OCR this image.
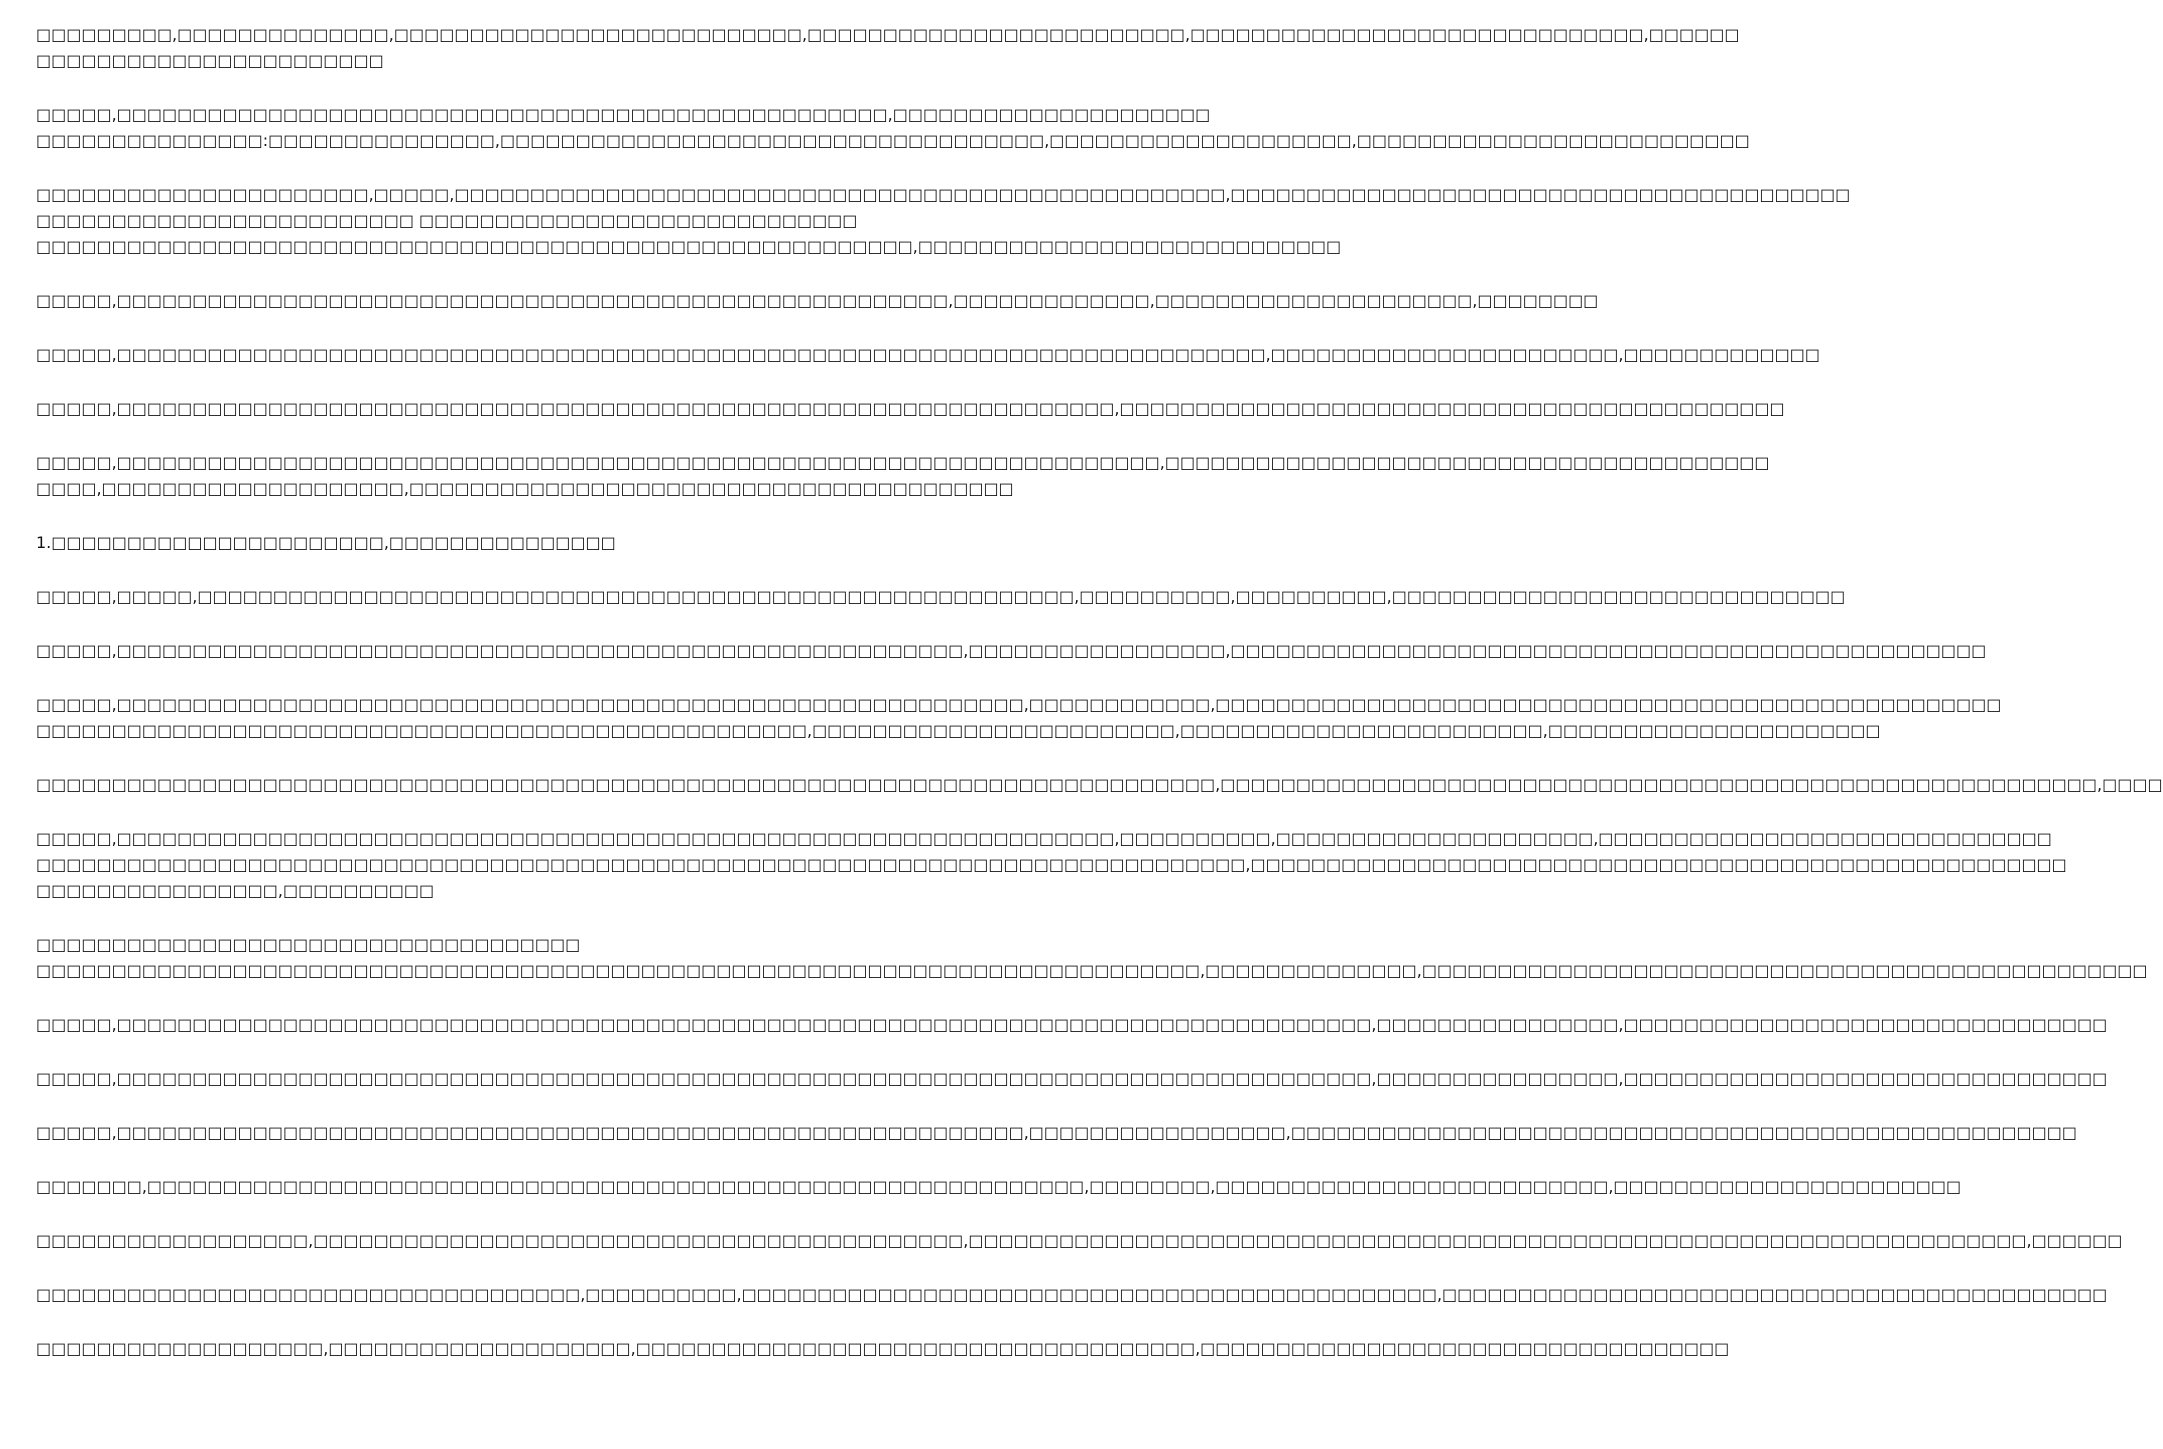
□□□□□□□□□,□□□□□□□□□□□□□□,□□□□□□□□□□□□□□□□□□□□□□□□□□□,□□□□□□□□□□□□□□□□□□□□□□□□□,□□□□□□□□□□□□□□□□□□□□□□□□□□□□□□,□□□□□□
□□□□□□□□□□□□□□□□□□□□□□□

□□□□□,□□□□□□□□□□□□□□□□□□□□□□□□□□□□□□□□□□□□□□□□□□□□□□□□□□□,□□□□□□□□□□□□□□□□□□□□□
□□□□□□□□□□□□□□□:□□□□□□□□□□□□□□□,□□□□□□□□□□□□□□□□□□□□□□□□□□□□□□□□□□□□,□□□□□□□□□□□□□□□□□□□□,□□□□□□□□□□□□□□□□□□□□□□□□□□

□□□□□□□□□□□□□□□□□□□□□□,□□□□□,□□□□□□□□□□□□□□□□□□□□□□□□□□□□□□□□□□□□□□□□□□□□□□□□□□□,□□□□□□□□□□□□□□□□□□□□□□□□□□□□□□□□□□□□□□□□□
□□□□□□□□□□□□□□□□□□□□□□□□□ □□□□□□□□□□□□□□□□□□□□□□□□□□□□□
□□□□□□□□□□□□□□□□□□□□□□□□□□□□□□□□□□□□□□□□□□□□□□□□□□□□□□□□□□,□□□□□□□□□□□□□□□□□□□□□□□□□□□□

□□□□□,□□□□□□□□□□□□□□□□□□□□□□□□□□□□□□□□□□□□□□□□□□□□□□□□□□□□□□□,□□□□□□□□□□□□□,□□□□□□□□□□□□□□□□□□□□□,□□□□□□□□

□□□□□,□□□□□□□□□□□□□□□□□□□□□□□□□□□□□□□□□□□□□□□□□□□□□□□□□□□□□□□□□□□□□□□□□□□□□□□□□□□□,□□□□□□□□□□□□□□□□□□□□□□□,□□□□□□□□□□□□□

□□□□□,□□□□□□□□□□□□□□□□□□□□□□□□□□□□□□□□□□□□□□□□□□□□□□□□□□□□□□□□□□□□□□□□□□,□□□□□□□□□□□□□□□□□□□□□□□□□□□□□□□□□□□□□□□□□□□□

□□□□□,□□□□□□□□□□□□□□□□□□□□□□□□□□□□□□□□□□□□□□□□□□□□□□□□□□□□□□□□□□□□□□□□□□□□□,□□□□□□□□□□□□□□□□□□□□□□□□□□□□□□□□□□□□□□□□
□□□□,□□□□□□□□□□□□□□□□□□□□,□□□□□□□□□□□□□□□□□□□□□□□□□□□□□□□□□□□□□□□□

1.□□□□□□□□□□□□□□□□□□□□□□,□□□□□□□□□□□□□□□

□□□□□,□□□□□,□□□□□□□□□□□□□□□□□□□□□□□□□□□□□□□□□□□□□□□□□□□□□□□□□□□□□□□□□□,□□□□□□□□□□,□□□□□□□□□□,□□□□□□□□□□□□□□□□□□□□□□□□□□□□□□

□□□□□,□□□□□□□□□□□□□□□□□□□□□□□□□□□□□□□□□□□□□□□□□□□□□□□□□□□□□□□□,□□□□□□□□□□□□□□□□□,□□□□□□□□□□□□□□□□□□□□□□□□□□□□□□□□□□□□□□□□□□□□□□□□□□

□□□□□,□□□□□□□□□□□□□□□□□□□□□□□□□□□□□□□□□□□□□□□□□□□□□□□□□□□□□□□□□□□□,□□□□□□□□□□□□,□□□□□□□□□□□□□□□□□□□□□□□□□□□□□□□□□□□□□□□□□□□□□□□□□□□□
□□□□□□□□□□□□□□□□□□□□□□□□□□□□□□□□□□□□□□□□□□□□□□□□□□□,□□□□□□□□□□□□□□□□□□□□□□□□,□□□□□□□□□□□□□□□□□□□□□□□□,□□□□□□□□□□□□□□□□□□□□□□

□□□□□□□□□□□□□□□□□□□□□□□□□□□□□□□□□□□□□□□□□□□□□□□□□□□□□□□□□□□□□□□□□□□□□□□□□□□□□□,□□□□□□□□□□□□□□□□□□□□□□□□□□□□□□□□□□□□□□□□□□□□□□□□□□□□□□□□□□,□□□□

□□□□□,□□□□□□□□□□□□□□□□□□□□□□□□□□□□□□□□□□□□□□□□□□□□□□□□□□□□□□□□□□□□□□□□□□,□□□□□□□□□□,□□□□□□□□□□□□□□□□□□□□□,□□□□□□□□□□□□□□□□□□□□□□□□□□□□□□
□□□□□□□□□□□□□□□□□□□□□□□□□□□□□□□□□□□□□□□□□□□□□□□□□□□□□□□□□□□□□□□□□□□□□□□□□□□□□□□□,□□□□□□□□□□□□□□□□□□□□□□□□□□□□□□□□□□□□□□□□□□□□□□□□□□□□□□
□□□□□□□□□□□□□□□□,□□□□□□□□□□

□□□□□□□□□□□□□□□□□□□□□□□□□□□□□□□□□□□□
□□□□□□□□□□□□□□□□□□□□□□□□□□□□□□□□□□□□□□□□□□□□□□□□□□□□□□□□□□□□□□□□□□□□□□□□□□□□□,□□□□□□□□□□□□□□,□□□□□□□□□□□□□□□□□□□□□□□□□□□□□□□□□□□□□□□□□□□□□□□□

□□□□□,□□□□□□□□□□□□□□□□□□□□□□□□□□□□□□□□□□□□□□□□□□□□□□□□□□□□□□□□□□□□□□□□□□□□□□□□□□□□□□□□□□□,□□□□□□□□□□□□□□□□,□□□□□□□□□□□□□□□□□□□□□□□□□□□□□□□□

□□□□□,□□□□□□□□□□□□□□□□□□□□□□□□□□□□□□□□□□□□□□□□□□□□□□□□□□□□□□□□□□□□□□□□□□□□□□□□□□□□□□□□□□□,□□□□□□□□□□□□□□□□,□□□□□□□□□□□□□□□□□□□□□□□□□□□□□□□□

□□□□□,□□□□□□□□□□□□□□□□□□□□□□□□□□□□□□□□□□□□□□□□□□□□□□□□□□□□□□□□□□□□,□□□□□□□□□□□□□□□□□,□□□□□□□□□□□□□□□□□□□□□□□□□□□□□□□□□□□□□□□□□□□□□□□□□□□□

□□□□□□□,□□□□□□□□□□□□□□□□□□□□□□□□□□□□□□□□□□□□□□□□□□□□□□□□□□□□□□□□□□□□□□,□□□□□□□□,□□□□□□□□□□□□□□□□□□□□□□□□□□,□□□□□□□□□□□□□□□□□□□□□□□

□□□□□□□□□□□□□□□□□□,□□□□□□□□□□□□□□□□□□□□□□□□□□□□□□□□□□□□□□□□□□□,□□□□□□□□□□□□□□□□□□□□□□□□□□□□□□□□□□□□□□□□□□□□□□□□□□□□□□□□□□□□□□□□□□□□□□,□□□□□□

□□□□□□□□□□□□□□□□□□□□□□□□□□□□□□□□□□□□,□□□□□□□□□□,□□□□□□□□□□□□□□□□□□□□□□□□□□□□□□□□□□□□□□□□□□□□□□,□□□□□□□□□□□□□□□□□□□□□□□□□□□□□□□□□□□□□□□□□□□□

□□□□□□□□□□□□□□□□□□□,□□□□□□□□□□□□□□□□□□□□,□□□□□□□□□□□□□□□□□□□□□□□□□□□□□□□□□□□□□,□□□□□□□□□□□□□□□□□□□□□□□□□□□□□□□□□□□
